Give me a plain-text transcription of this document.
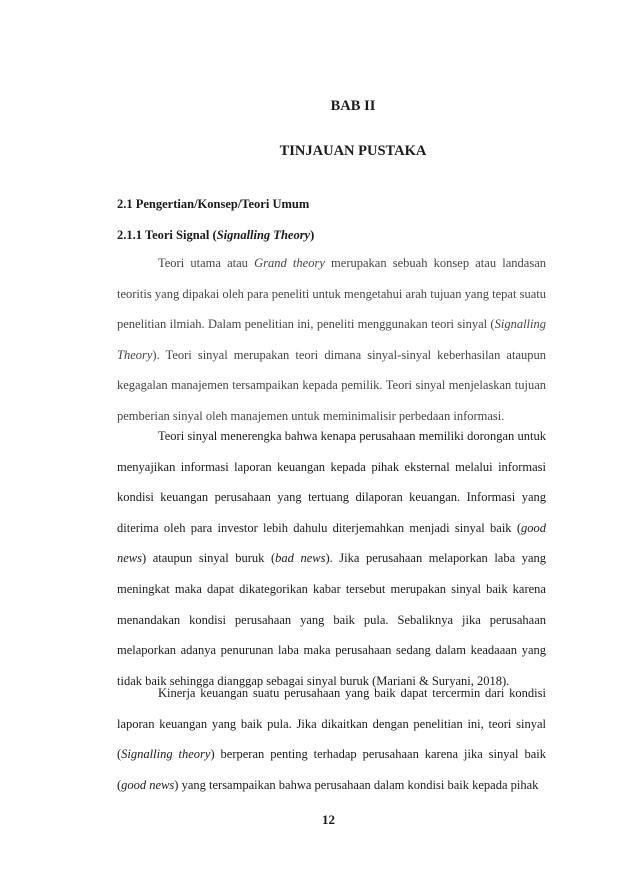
BAB II
TINJAUAN PUSTAKA
2.1 Pengertian/Konsep/Teori Umum
2.1.1 Teori Signal (Signalling Theory)

Teori utama atau Grand theory merupakan sebuah konsep atau landasan teoritis yang dipakai oleh para peneliti untuk mengetahui arah tujuan yang tepat suatu penelitian ilmiah. Dalam penelitian ini, peneliti menggunakan teori sinyal (Signalling Theory). Teori sinyal merupakan teori dimana sinyal-sinyal keberhasilan ataupun kegagalan manajemen tersampaikan kepada pemilik. Teori sinyal menjelaskan tujuan pemberian sinyal oleh manajemen untuk meminimalisir perbedaan informasi.

Teori sinyal menerengka bahwa kenapa perusahaan memiliki dorongan untuk menyajikan informasi laporan keuangan kepada pihak eksternal melalui informasi kondisi keuangan perusahaan yang tertuang dilaporan keuangan. Informasi yang diterima oleh para investor lebih dahulu diterjemahkan menjadi sinyal baik (good news) ataupun sinyal buruk (bad news). Jika perusahaan melaporkan laba yang meningkat maka dapat dikategorikan kabar tersebut merupakan sinyal baik karena menandakan kondisi perusahaan yang baik pula. Sebaliknya jika perusahaan melaporkan adanya penurunan laba maka perusahaan sedang dalam keadaaan yang tidak baik sehingga dianggap sebagai sinyal buruk (Mariani & Suryani, 2018).

Kinerja keuangan suatu perusahaan yang baik dapat tercermin dari kondisi laporan keuangan yang baik pula. Jika dikaitkan dengan penelitian ini, teori sinyal (Signalling theory) berperan penting terhadap perusahaan karena jika sinyal baik (good news) yang tersampaikan bahwa perusahaan dalam kondisi baik kepada pihak

12
